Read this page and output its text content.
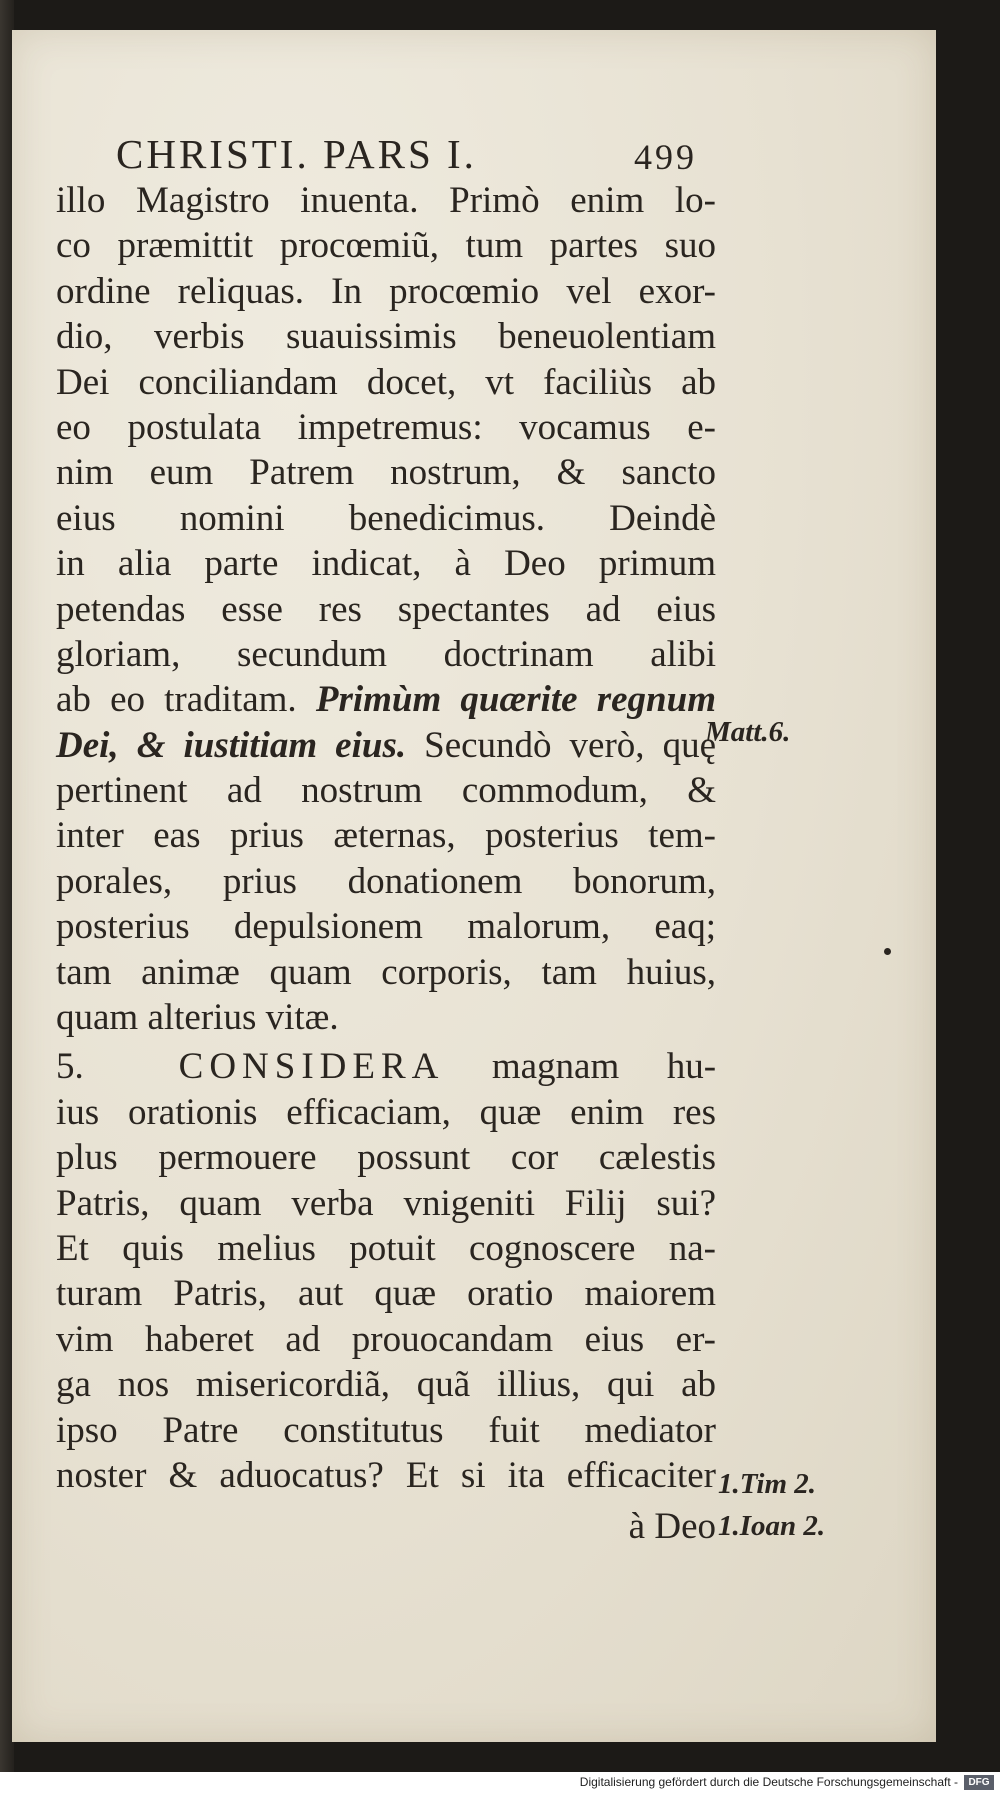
CHRISTI. PARS I.	499
illo Magistro inuenta. Primò enim lo-
co præmittit procœmiũ, tum partes suo
ordine reliquas. In procœmio vel exor-
dio, verbis suauissimis beneuolentiam
Dei conciliandam docet, vt faciliùs ab
eo postulata impetremus: vocamus e-
nim eum Patrem nostrum, & sancto
eius nomini benedicimus. Deindè
in alia parte indicat, à Deo primum
petendas esse res spectantes ad eius
gloriam, secundum doctrinam alibi
ab eo traditam. Primùm quærite regnum
Dei, & iustitiam eius. Secundò verò, quę
pertinent ad nostrum commodum, &
inter eas prius æternas, posterius tem-
porales, prius donationem bonorum,
posterius depulsionem malorum, eaq;
tam animæ quam corporis, tam huius,
quam alterius vitæ.
5.	CONSIDERA magnam hu-
ius orationis efficaciam, quæ enim res
plus permouere possunt cor cælestis
Patris, quam verba vnigeniti Filij sui?
Et quis melius potuit cognoscere na-
turam Patris, aut quæ oratio maiorem
vim haberet ad prouocandam eius er-
ga nos misericordiã, quã illius, qui ab
ipso Patre constitutus fuit mediator
noster & aduocatus? Et si ita efficaciter
à Deo
Matt.6.
1.Tim 2.
1.Ioan 2.
Digitalisierung gefördert durch die Deutsche Forschungsgemeinschaft -	DFG
